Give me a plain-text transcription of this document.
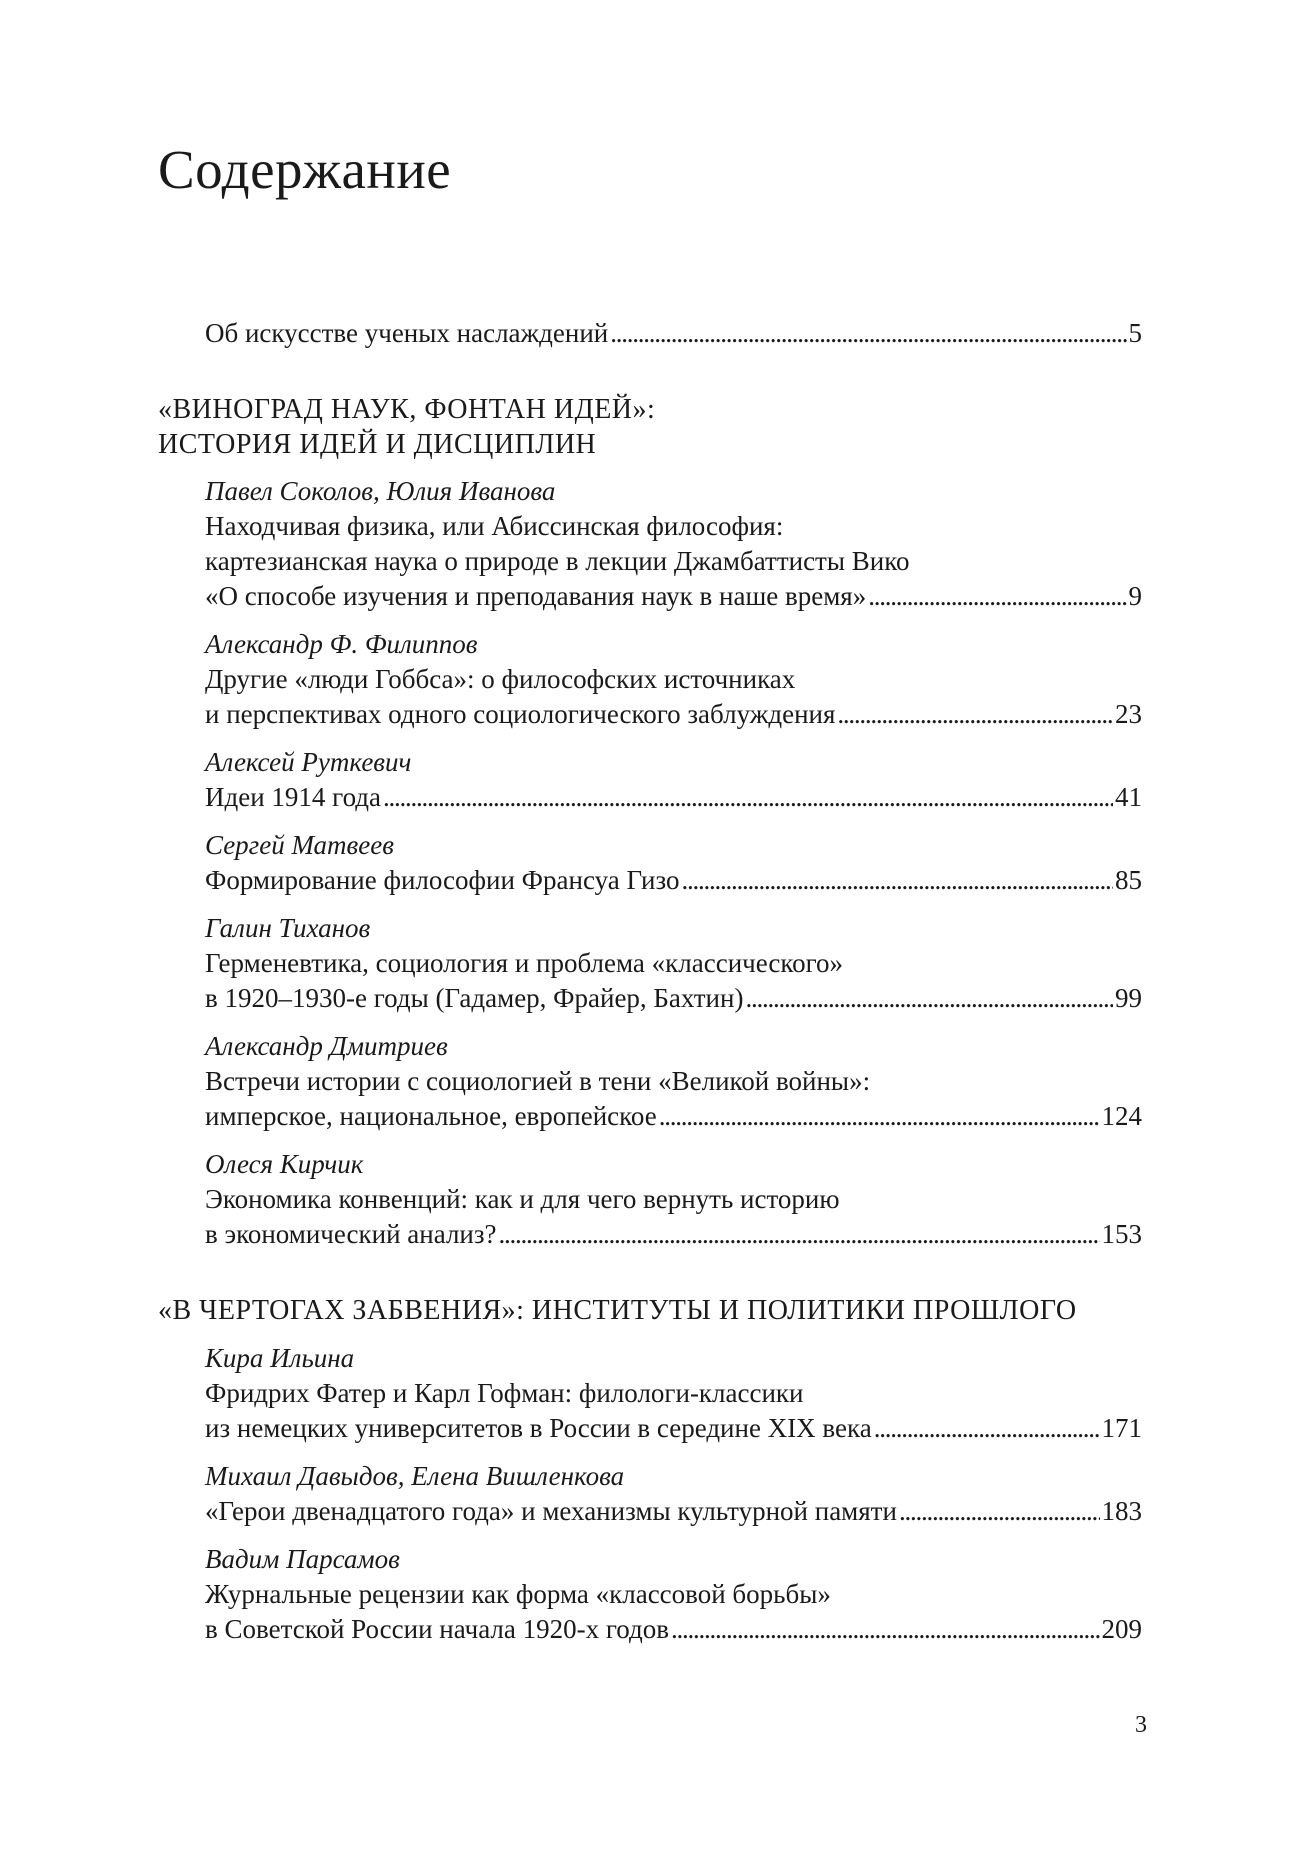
Содержание
Об искусстве ученых наслаждений . . .	5
«ВИНОГРАД НАУК, ФОНТАН ИДЕЙ»:
ИСТОРИЯ ИДЕЙ И ДИСЦИПЛИН
Павел Соколов, Юлия Иванова
Находчивая физика, или Абиссинская философия:
картезианская наука о природе в лекции Джамбаттисты Вико
«О способе изучения и преподавания наук в наше время» . . .	9
Александр Ф. Филиппов
Другие «люди Гоббса»: о философских источниках
и перспективах одного социологического заблуждения . . .	23
Алексей Руткевич
Идеи 1914 года . . .	41
Сергей Матвеев
Формирование философии Франсуа Гизо . . .	85
Галин Тиханов
Герменевтика, социология и проблема «классического»
в 1920–1930-е годы (Гадамер, Фрайер, Бахтин) . . .	99
Александр Дмитриев
Встречи истории с социологией в тени «Великой войны»:
имперское, национальное, европейское . . .	124
Олеся Кирчик
Экономика конвенций: как и для чего вернуть историю
в экономический анализ? . . .	153
«В ЧЕРТОГАХ ЗАБВЕНИЯ»: ИНСТИТУТЫ И ПОЛИТИКИ ПРОШЛОГО
Кира Ильина
Фридрих Фатер и Карл Гофман: филологи-классики
из немецких университетов в России в середине XIX века . . .	171
Михаил Давыдов, Елена Вишленкова
«Герои двенадцатого года» и механизмы культурной памяти . . .	183
Вадим Парсамов
Журнальные рецензии как форма «классовой борьбы»
в Советской России начала 1920-х годов . . .	209
3
